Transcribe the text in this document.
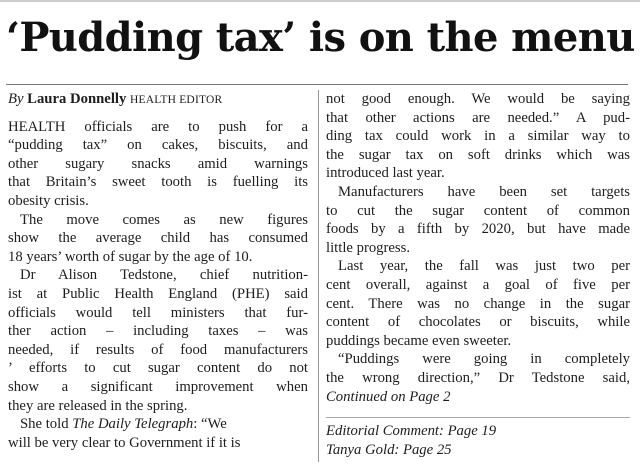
‘Pudding tax’ is on the menu
By Laura Donnelly HEALTH EDITOR
HEALTH officials are to push for a
“pudding tax” on cakes, biscuits, and
other sugary snacks amid warnings
that Britain’s sweet tooth is fuelling its
obesity crisis.
The move comes as new figures
show the average child has consumed
18 years’ worth of sugar by the age of 10.
Dr Alison Tedstone, chief nutrition-
ist at Public Health England (PHE) said
officials would tell ministers that fur-
ther action – including taxes – was
needed, if results of food manufacturers
’ efforts to cut sugar content do not
show a significant improvement when
they are released in the spring.
She told The Daily Telegraph: “We
will be very clear to Government if it is
not good enough. We would be saying
that other actions are needed.” A pud-
ding tax could work in a similar way to
the sugar tax on soft drinks which was
introduced last year.
Manufacturers have been set targets
to cut the sugar content of common
foods by a fifth by 2020, but have made
little progress.
Last year, the fall was just two per
cent overall, against a goal of five per
cent. There was no change in the sugar
content of chocolates or biscuits, while
puddings became even sweeter.
“Puddings were going in completely
the wrong direction,” Dr Tedstone said,
Continued on Page 2
Editorial Comment: Page 19
Tanya Gold: Page 25
